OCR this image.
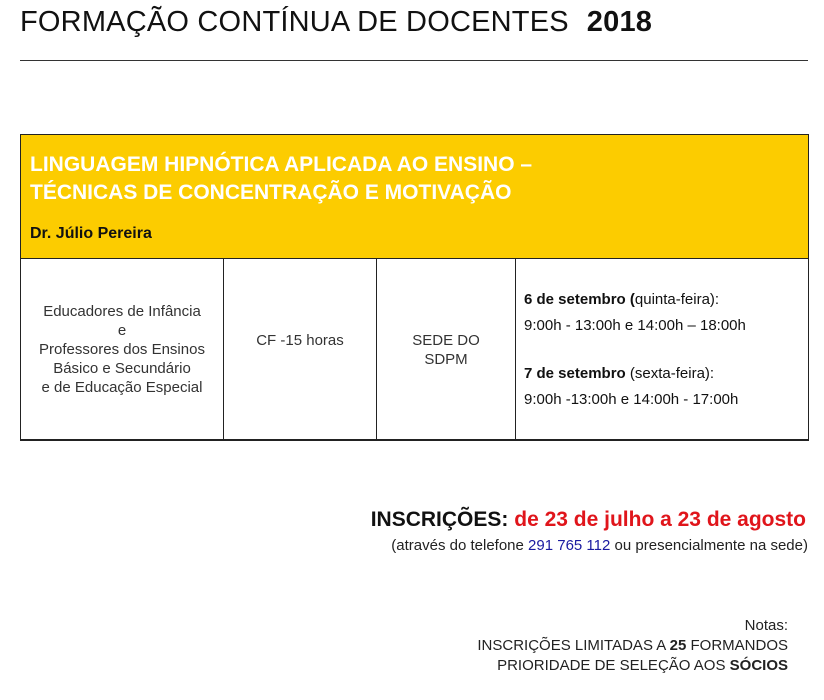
FORMAÇÃO CONTÍNUA DE DOCENTES 2018
LINGUAGEM HIPNÓTICA APLICADA AO ENSINO –
TÉCNICAS DE CONCENTRAÇÃO E MOTIVAÇÃO
Dr. Júlio Pereira
Educadores de Infância
e
Professores dos Ensinos
Básico e Secundário
e de Educação Especial
CF -15 horas	SEDE DO
SDPM
6 de setembro (quinta-feira):
9:00h - 13:00h e 14:00h – 18:00h
7 de setembro (sexta-feira):
9:00h -13:00h e 14:00h - 17:00h
INSCRIÇÕES: de 23 de julho a 23 de agosto
(através do telefone 291 765 112 ou presencialmente na sede)
Notas:
INSCRIÇÕES LIMITADAS A 25 FORMANDOS
PRIORIDADE DE SELEÇÃO AOS SÓCIOS
